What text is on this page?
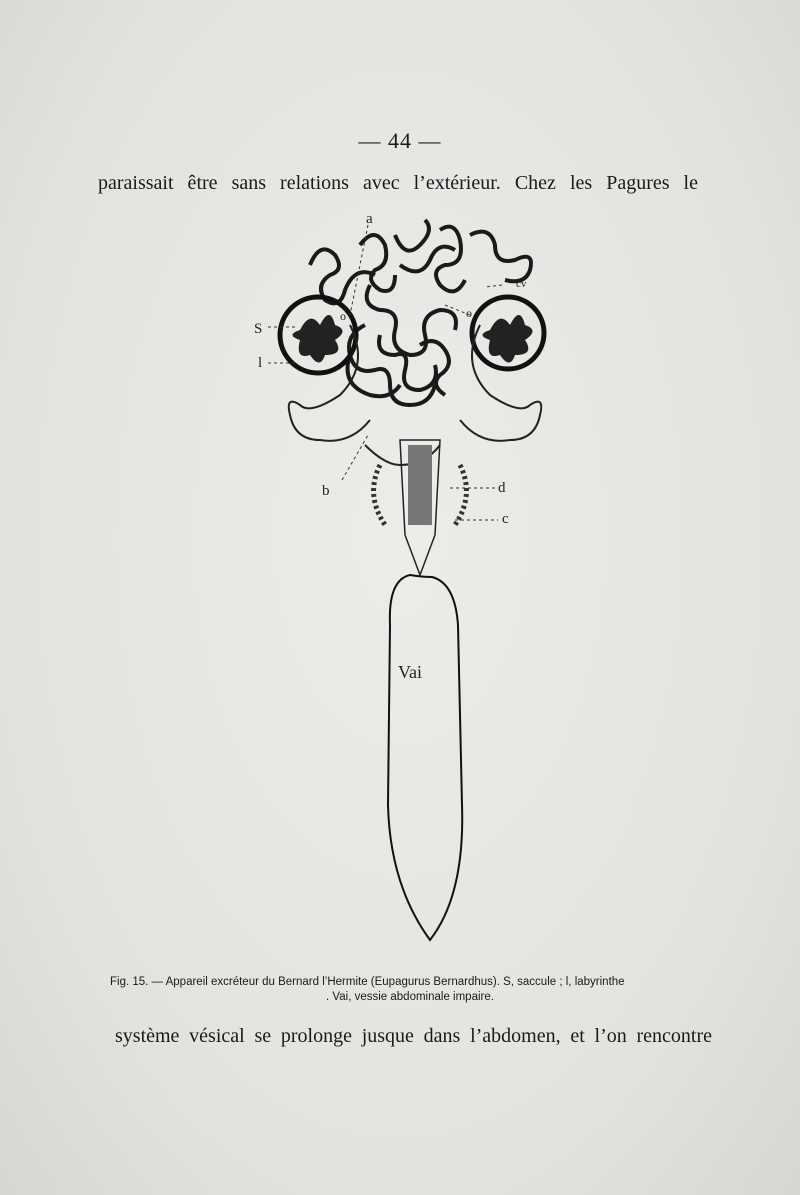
— 44 —
paraissait être sans relations avec l’extérieur. Chez les Pagures le
a
S
l
cv
o	o
b	d
c
Vai
Fig. 15. — Appareil excréteur du Bernard l’Hermite (Eupagurus Bernardhus). S, saccule ; l, labyrinthe
. Vai, vessie abdominale impaire.
système vésical se prolonge jusque dans l’abdomen, et l’on rencontre
